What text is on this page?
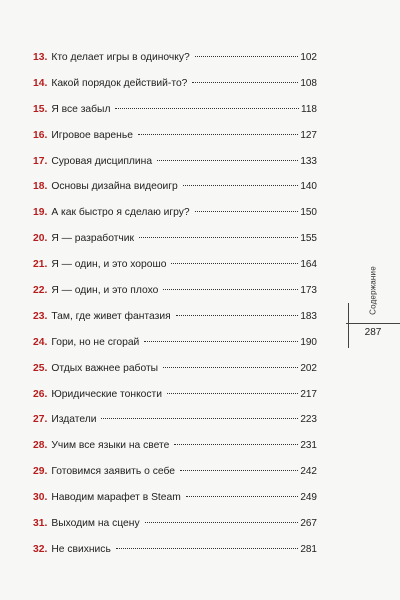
13. Кто делает игры в одиночку?	102
14. Какой порядок действий-то?	108
15. Я все забыл	118
16. Игровое варенье	127
17. Суровая дисциплина	133
18. Основы дизайна видеоигр	140
19. А как быстро я сделаю игру?	150
20. Я — разработчик	155
21. Я — один, и это хорошо	164
22. Я — один, и это плохо	173
23. Там, где живет фантазия	183
24. Гори, но не сгорай	190
25. Отдых важнее работы	202
26. Юридические тонкости	217
27. Издатели	223
28. Учим все языки на свете	231
29. Готовимся заявить о себе	242
30. Наводим марафет в Steam	249
31. Выходим на сцену	267
32. Не свихнись	281
Содержание
287
